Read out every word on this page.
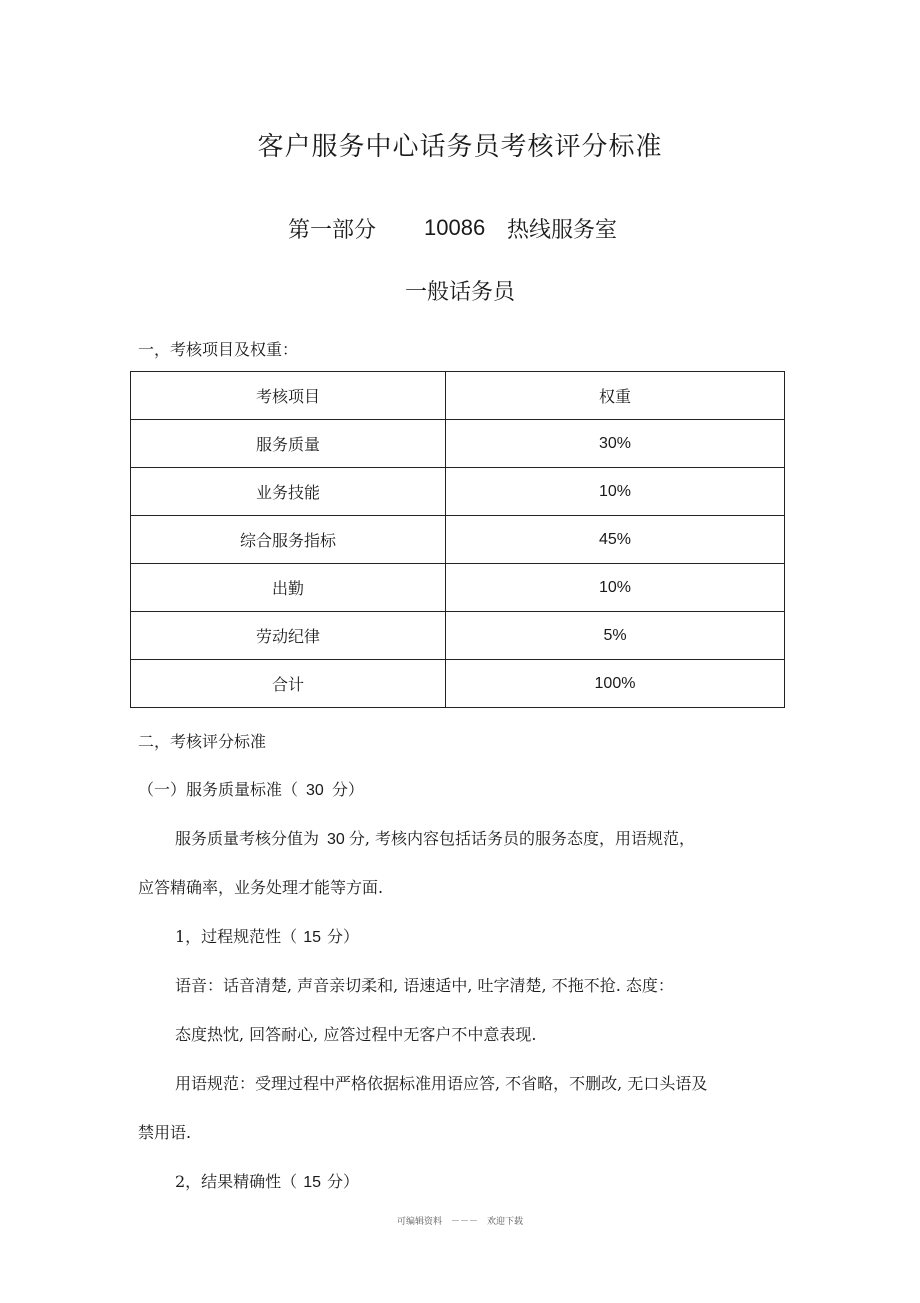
客户服务中心话务员考核评分标准
第一部分 10086 热线服务室
一般话务员
一，考核项目及权重：
考核项目	权重
服务质量	30%
业务技能	10%
综合服务指标	45%
出勤	10%
劳动纪律	5%
合计	100%
二，考核评分标准
（一）服务质量标准（ 30 分）
服务质量考核分值为 30 分, 考核内容包括话务员的服务态度，用语规范，
应答精确率，业务处理才能等方面.
1，过程规范性（ 15 分）
语音：话音清楚, 声音亲切柔和, 语速适中, 吐字清楚, 不拖不抢. 态度：
态度热忱, 回答耐心, 应答过程中无客户不中意表现.
用语规范：受理过程中严格依据标准用语应答, 不省略，不删改, 无口头语及
禁用语.
2，结果精确性（ 15 分）
可编辑资料　－－－　欢迎下载
